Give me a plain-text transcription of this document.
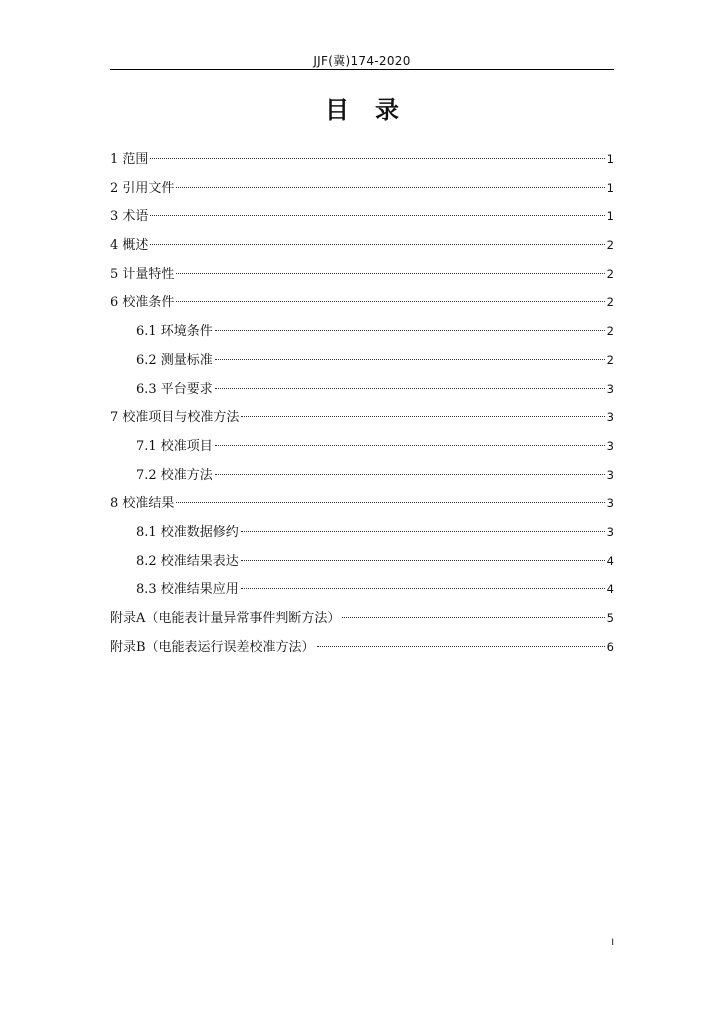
JJF(冀)174-2020
目录
1 范围	1
2 引用文件	1
3 术语	1
4 概述	2
5 计量特性	2
6 校准条件	2
6.1 环境条件	2
6.2 测量标准	2
6.3 平台要求	3
7 校准项目与校准方法	3
7.1 校准项目	3
7.2 校准方法	3
8 校准结果	3
8.1 校准数据修约	3
8.2 校准结果表达	4
8.3 校准结果应用	4
附录A（电能表计量异常事件判断方法）	5
附录B（电能表运行误差校准方法）	6
I
